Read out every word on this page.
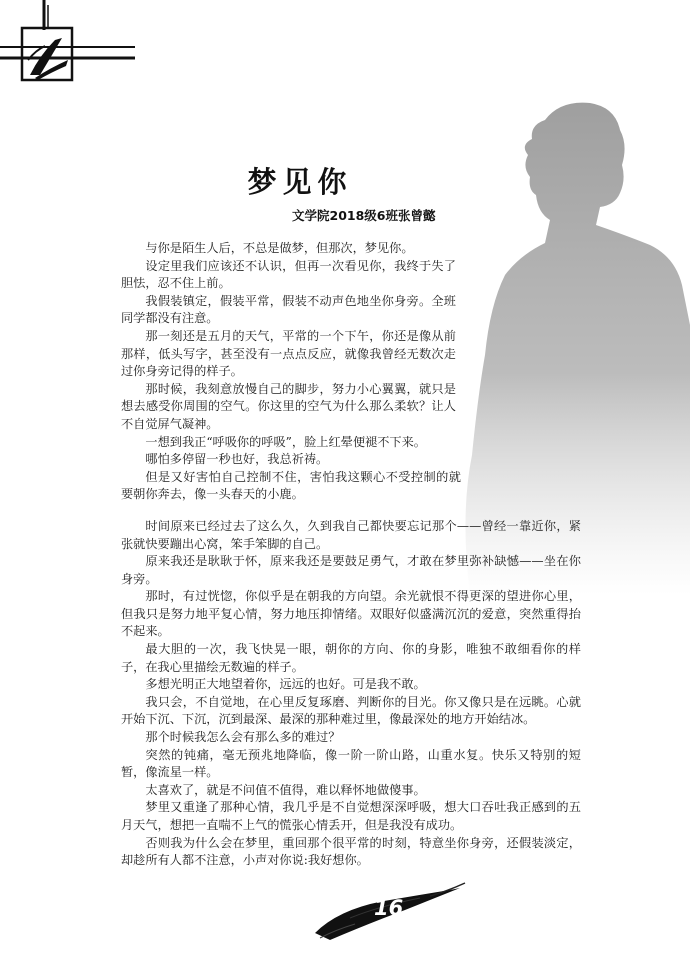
梦见你
文学院2018级6班张曾懿

与你是陌生人后，不总是做梦，但那次，梦见你。

设定里我们应该还不认识，但再一次看见你，我终于失了胆怯，忍不住上前。

我假装镇定，假装平常，假装不动声色地坐你身旁。全班同学都没有注意。

那一刻还是五月的天气，平常的一个下午，你还是像从前那样，低头写字，甚至没有一点点反应，就像我曾经无数次走过你身旁记得的样子。

那时候，我刻意放慢自己的脚步，努力小心翼翼，就只是想去感受你周围的空气。你这里的空气为什么那么柔软？让人不自觉屏气凝神。

一想到我正“呼吸你的呼吸”，脸上红晕便褪不下来。

哪怕多停留一秒也好，我总祈祷。

但是又好害怕自己控制不住，害怕我这颗心不受控制的就要朝你奔去，像一头春天的小鹿。

时间原来已经过去了这么久，久到我自己都快要忘记那个——曾经一靠近你，紧张就快要蹦出心窝，笨手笨脚的自己。

原来我还是耿耿于怀，原来我还是要鼓足勇气，才敢在梦里弥补缺憾——坐在你身旁。

那时，有过恍惚，你似乎是在朝我的方向望。余光就恨不得更深的望进你心里，但我只是努力地平复心情，努力地压抑情绪。双眼好似盛满沉沉的爱意，突然重得抬不起来。

最大胆的一次，我飞快晃一眼，朝你的方向、你的身影，唯独不敢细看你的样子，在我心里描绘无数遍的样子。

多想光明正大地望着你，远远的也好。可是我不敢。

我只会，不自觉地，在心里反复琢磨、判断你的目光。你又像只是在远眺。心就开始下沉、下沉，沉到最深、最深的那种难过里，像最深处的地方开始结冰。

那个时候我怎么会有那么多的难过？

突然的钝痛，毫无预兆地降临，像一阶一阶山路，山重水复。快乐又特别的短暂，像流星一样。

太喜欢了，就是不问值不值得，难以释怀地做傻事。

梦里又重逢了那种心情，我几乎是不自觉想深深呼吸，想大口吞吐我正感到的五月天气，想把一直喘不上气的慌张心情丢开，但是我没有成功。

否则我为什么会在梦里，重回那个很平常的时刻，特意坐你身旁，还假装淡定，却趁所有人都不注意，小声对你说:我好想你。

16
